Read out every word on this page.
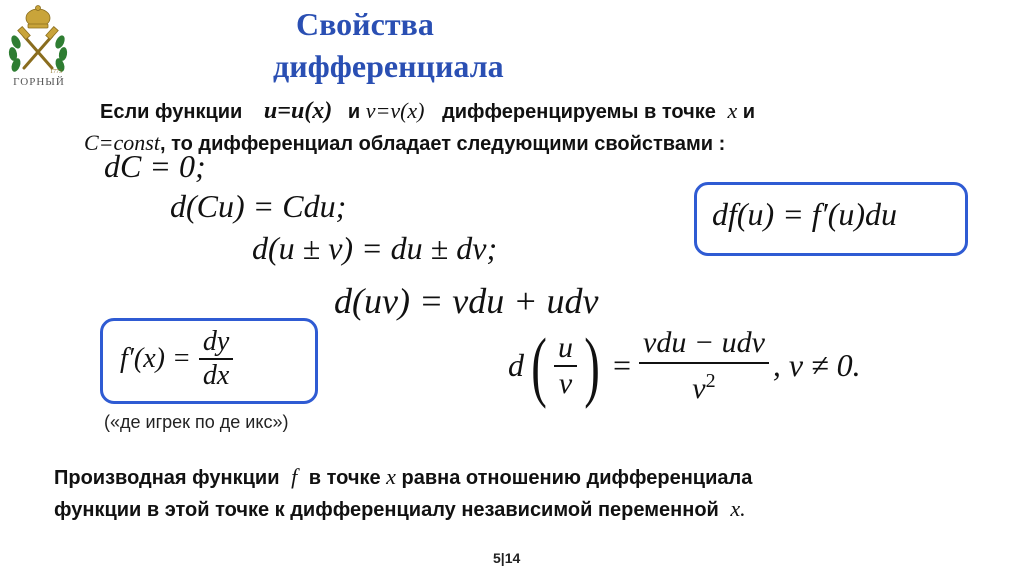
1773
ГОРНЫЙ
Свойства
дифференциала
Если функции u=u(x) и v=v(x) дифференцируемы в точке x и
C=const, то дифференциал обладает следующими свойствами :
dC = 0;
d(Cu) = Cdu;
d(u ± v) = du ± dv;
d(uv) = vdu + udv
d ( $\frac{u}{v}$ ) = $\frac{\text{vdu − udv}}{v^2}$ , v ≠ 0.
df(u) = f′(u)du
$f'(x) = \frac{dy}{dx}$
(«де игрек по де икс»)
Производная функции f в точке x равна отношению дифференциала
функции в этой точке к дифференциалу независимой переменной x.
5|14
